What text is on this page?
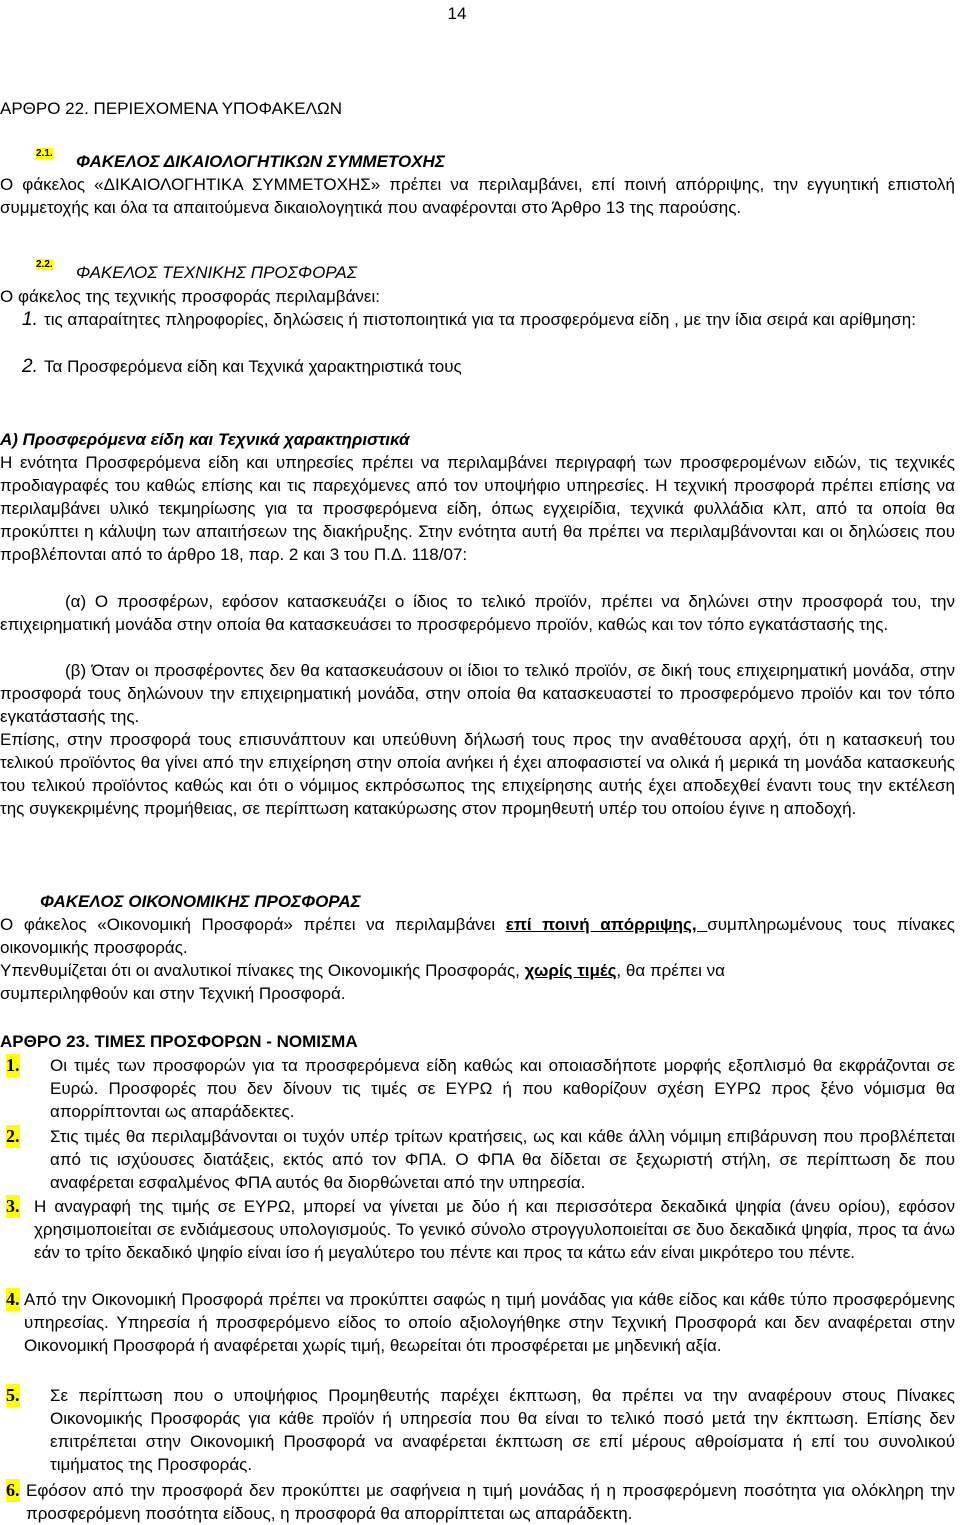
14
ΑΡΘΡΟ 22. ΠΕΡΙΕΧΟΜΕΝΑ ΥΠΟΦΑΚΕΛΩΝ
$^{2.1.}$ ΦΑΚΕΛΟΣ ΔΙΚΑΙΟΛΟΓΗΤΙΚΩΝ ΣΥΜΜΕΤΟΧΗΣ
Ο φάκελος «ΔΙΚΑΙΟΛΟΓΗΤΙΚΑ ΣΥΜΜΕΤΟΧΗΣ» πρέπει να περιλαμβάνει, επί ποινή απόρριψης, την εγγυητική επιστολή συμμετοχής και όλα τα απαιτούμενα δικαιολογητικά που αναφέρονται στο Άρθρο 13 της παρούσης.
$^{2.2.}$ ΦΑΚΕΛΟΣ ΤΕΧΝΙΚΗΣ ΠΡΟΣΦΟΡΑΣ
Ο φάκελος της τεχνικής προσφοράς περιλαμβάνει:
1. τις απαραίτητες πληροφορίες, δηλώσεις ή πιστοποιητικά για τα προσφερόμενα είδη , με την ίδια σειρά και αρίθμηση:
2. Τα Προσφερόμενα είδη και Τεχνικά χαρακτηριστικά τους
Α) Προσφερόμενα είδη και Τεχνικά χαρακτηριστικά
Η ενότητα Προσφερόμενα είδη και υπηρεσίες πρέπει να περιλαμβάνει περιγραφή των προσφερομένων ειδών, τις τεχνικές προδιαγραφές του καθώς επίσης και τις παρεχόμενες από τον υποψήφιο υπηρεσίες. Η τεχνική προσφορά πρέπει επίσης να περιλαμβάνει υλικό τεκμηρίωσης για τα προσφερόμενα είδη, όπως εγχειρίδια, τεχνικά φυλλάδια κλπ, από τα οποία θα προκύπτει η κάλυψη των απαιτήσεων της διακήρυξης. Στην ενότητα αυτή θα πρέπει να περιλαμβάνονται και οι δηλώσεις που προβλέπονται από το άρθρο 18, παρ. 2 και 3 του Π.Δ. 118/07:
(α) Ο προσφέρων, εφόσον κατασκευάζει ο ίδιος το τελικό προϊόν, πρέπει να δηλώνει στην προσφορά του, την επιχειρηματική μονάδα στην οποία θα κατασκευάσει το προσφερόμενο προϊόν, καθώς και τον τόπο εγκατάστασής της.
(β) Όταν οι προσφέροντες δεν θα κατασκευάσουν οι ίδιοι το τελικό προϊόν, σε δική τους επιχειρηματική μονάδα, στην προσφορά τους δηλώνουν την επιχειρηματική μονάδα, στην οποία θα κατασκευαστεί το προσφερόμενο προϊόν και τον τόπο εγκατάστασής της.
Επίσης, στην προσφορά τους επισυνάπτουν και υπεύθυνη δήλωσή τους προς την αναθέτουσα αρχή, ότι η κατασκευή του τελικού προϊόντος θα γίνει από την επιχείρηση στην οποία ανήκει ή έχει αποφασιστεί να ολικά ή μερικά τη μονάδα κατασκευής του τελικού προϊόντος καθώς και ότι ο νόμιμος εκπρόσωπος της επιχείρησης αυτής έχει αποδεχθεί έναντι τους την εκτέλεση της συγκεκριμένης προμήθειας, σε περίπτωση κατακύρωσης στον προμηθευτή υπέρ του οποίου έγινε η αποδοχή.
ΦΑΚΕΛΟΣ ΟΙΚΟΝΟΜΙΚΗΣ ΠΡΟΣΦΟΡΑΣ
Ο φάκελος «Οικονομική Προσφορά» πρέπει να περιλαμβάνει επί ποινή απόρριψης, συμπληρωμένους τους πίνακες οικονομικής προσφοράς.
Υπενθυμίζεται ότι οι αναλυτικοί πίνακες της Οικονομικής Προσφοράς, χωρίς τιμές, θα πρέπει να συμπεριληφθούν και στην Τεχνική Προσφορά.
ΑΡΘΡΟ 23. ΤΙΜΕΣ ΠΡΟΣΦΟΡΩΝ - ΝΟΜΙΣΜΑ
1. Οι τιμές των προσφορών για τα προσφερόμενα είδη καθώς και οποιασδήποτε μορφής εξοπλισμό θα εκφράζονται σε Ευρώ. Προσφορές που δεν δίνουν τις τιμές σε ΕΥΡΩ ή που καθορίζουν σχέση ΕΥΡΩ προς ξένο νόμισμα θα απορρίπτονται ως απαράδεκτες.
2. Στις τιμές θα περιλαμβάνονται οι τυχόν υπέρ τρίτων κρατήσεις, ως και κάθε άλλη νόμιμη επιβάρυνση που προβλέπεται από τις ισχύουσες διατάξεις, εκτός από τον ΦΠΑ. Ο ΦΠΑ θα δίδεται σε ξεχωριστή στήλη, σε περίπτωση δε που αναφέρεται εσφαλμένος ΦΠΑ αυτός θα διορθώνεται από την υπηρεσία.
3. Η αναγραφή της τιμής σε ΕΥΡΩ, μπορεί να γίνεται με δύο ή και περισσότερα δεκαδικά ψηφία (άνευ ορίου), εφόσον χρησιμοποιείται σε ενδιάμεσους υπολογισμούς. Το γενικό σύνολο στρογγυλοποιείται σε δυο δεκαδικά ψηφία, προς τα άνω εάν το τρίτο δεκαδικό ψηφίο είναι ίσο ή μεγαλύτερο του πέντε και προς τα κάτω εάν είναι μικρότερο του πέντε.
4. Από την Οικονομική Προσφορά πρέπει να προκύπτει σαφώς η τιμή μονάδας για κάθε είδος και κάθε τύπο προσφερόμενης υπηρεσίας. Υπηρεσία ή προσφερόμενο είδος το οποίο αξιολογήθηκε στην Τεχνική Προσφορά και δεν αναφέρεται στην Οικονομική Προσφορά ή αναφέρεται χωρίς τιμή, θεωρείται ότι προσφέρεται με μηδενική αξία.
5. Σε περίπτωση που ο υποψήφιος Προμηθευτής παρέχει έκπτωση, θα πρέπει να την αναφέρουν στους Πίνακες Οικονομικής Προσφοράς για κάθε προϊόν ή υπηρεσία που θα είναι το τελικό ποσό μετά την έκπτωση. Επίσης δεν επιτρέπεται στην Οικονομική Προσφορά να αναφέρεται έκπτωση σε επί μέρους αθροίσματα ή επί του συνολικού τιμήματος της Προσφοράς.
6. Εφόσον από την προσφορά δεν προκύπτει με σαφήνεια η τιμή μονάδας ή η προσφερόμενη ποσότητα για ολόκληρη την προσφερόμενη ποσότητα είδους, η προσφορά θα απορρίπτεται ως απαράδεκτη.
